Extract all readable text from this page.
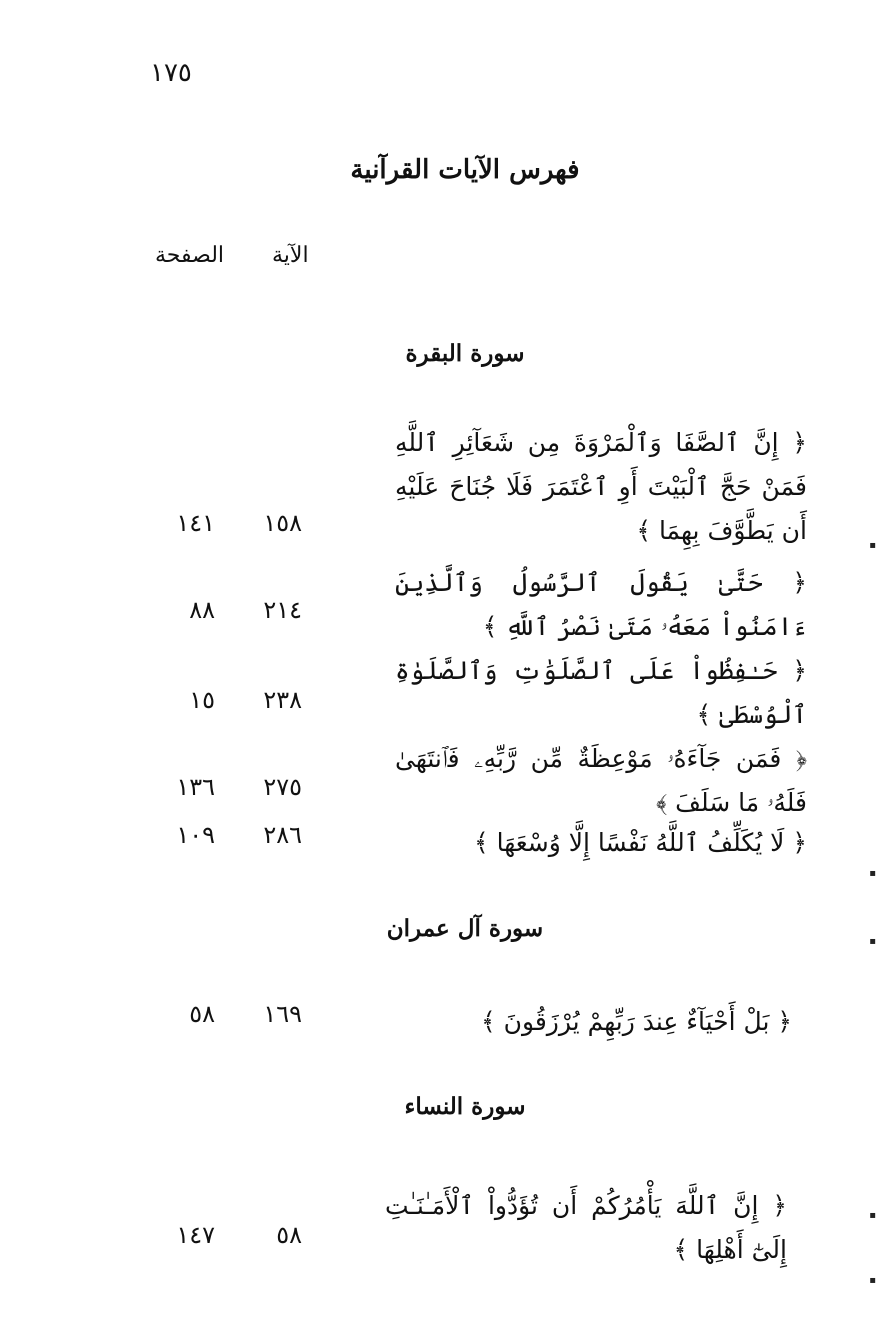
١٧٥
فهرس الآيات القرآنية
الآية
الصفحة
سورة البقرة
﴿ إِنَّ ٱلصَّفَا وَٱلْمَرْوَةَ مِن شَعَآئِرِ ٱللَّهِ فَمَنْ حَجَّ ٱلْبَيْتَ أَوِ ٱعْتَمَرَ فَلَا جُنَاحَ عَلَيْهِ أَن يَطَّوَّفَ بِهِمَا ﴾
١٥٨
١٤١
﴿ حَتَّىٰ يَقُولَ ٱلرَّسُولُ وَٱلَّذِينَ ءَامَنُواْ مَعَهُۥ مَتَىٰ نَصْرُ ٱللَّهِ ﴾
٢١٤
٨٨
﴿ حَـٰفِظُواْ عَلَى ٱلصَّلَوَٰتِ وَٱلصَّلَوٰةِ ٱلْوُسْطَىٰ ﴾
٢٣٨
١٥
﴿ فَمَن جَآءَهُۥ مَوْعِظَةٌ مِّن رَّبِّهِۦ فَٱنتَهَىٰ فَلَهُۥ مَا سَلَفَ ﴾
٢٧٥
١٣٦
﴿ لَا يُكَلِّفُ ٱللَّهُ نَفْسًا إِلَّا وُسْعَهَا ﴾
٢٨٦
١٠٩
سورة آل عمران
﴿ بَلْ أَحْيَآءٌ عِندَ رَبِّهِمْ يُرْزَقُونَ ﴾
١٦٩
٥٨
سورة النساء
﴿ إِنَّ ٱللَّهَ يَأْمُرُكُمْ أَن تُؤَدُّواْ ٱلْأَمَـٰنَـٰتِ إِلَىٰٓ أَهْلِهَا ﴾
٥٨
١٤٧
▪
▪
▪
▪
▪
